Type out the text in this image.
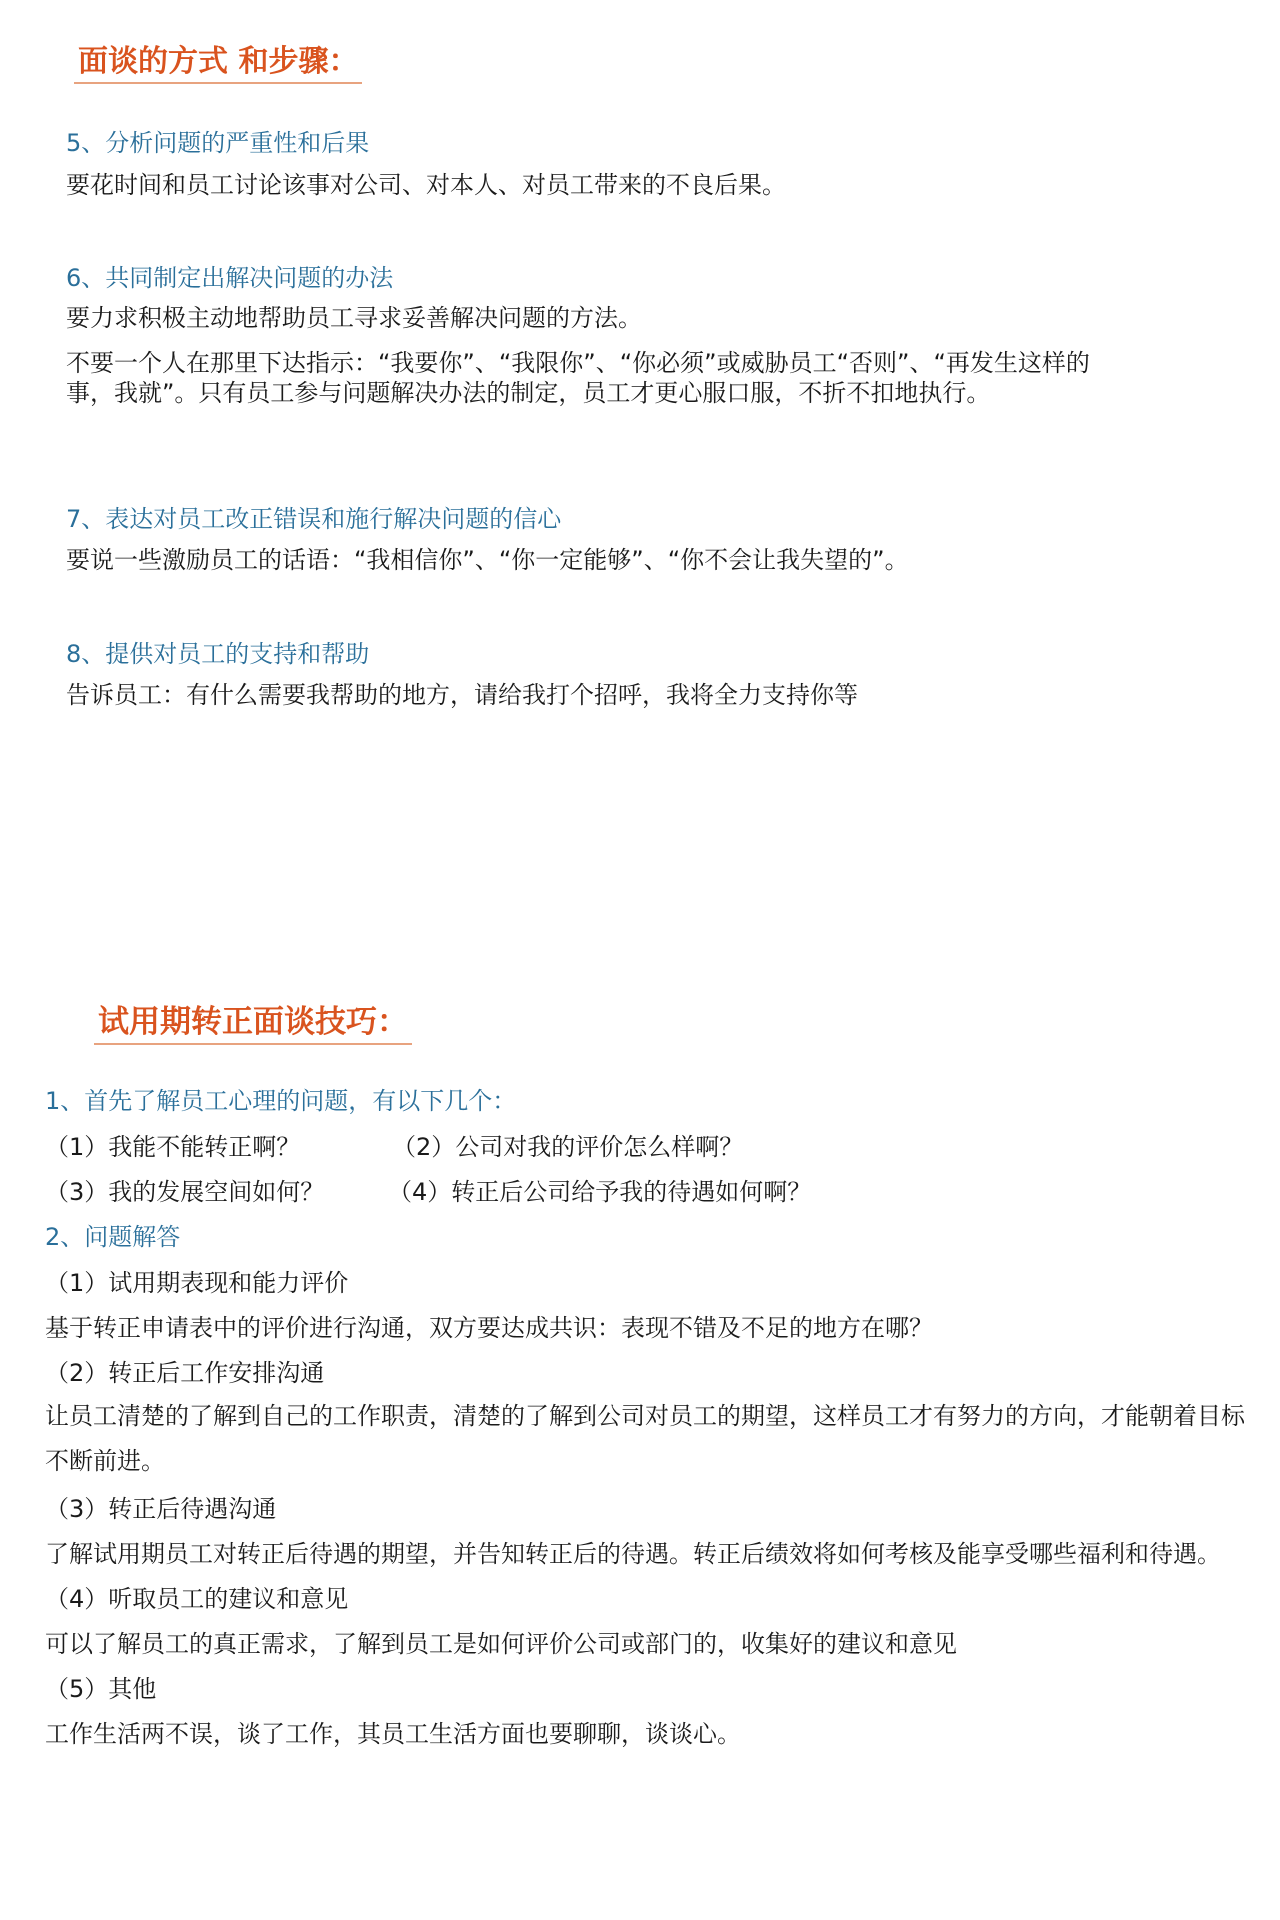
面谈的方式 和步骤：
5、分析问题的严重性和后果
要花时间和员工讨论该事对公司、对本人、对员工带来的不良后果。
6、共同制定出解决问题的办法
要力求积极主动地帮助员工寻求妥善解决问题的方法。
不要一个人在那里下达指示：“我要你”、“我限你”、“你必须”或威胁员工“否则”、“再发生这样的事，我就”。只有员工参与问题解决办法的制定，员工才更心服口服，不折不扣地执行。
7、表达对员工改正错误和施行解决问题的信心
要说一些激励员工的话语：“我相信你”、“你一定能够”、“你不会让我失望的”。
8、提供对员工的支持和帮助
告诉员工：有什么需要我帮助的地方，请给我打个招呼，我将全力支持你等
试用期转正面谈技巧：
1、首先了解员工心理的问题，有以下几个：
（1）我能不能转正啊？	（2）公司对我的评价怎么样啊？
（3）我的发展空间如何？	（4）转正后公司给予我的待遇如何啊？
2、问题解答
（1）试用期表现和能力评价
基于转正申请表中的评价进行沟通，双方要达成共识：表现不错及不足的地方在哪？
（2）转正后工作安排沟通
让员工清楚的了解到自己的工作职责，清楚的了解到公司对员工的期望，这样员工才有努力的方向，才能朝着目标不断前进。
（3）转正后待遇沟通
了解试用期员工对转正后待遇的期望，并告知转正后的待遇。转正后绩效将如何考核及能享受哪些福利和待遇。
（4）听取员工的建议和意见
可以了解员工的真正需求，了解到员工是如何评价公司或部门的，收集好的建议和意见
（5）其他
工作生活两不误，谈了工作，其员工生活方面也要聊聊，谈谈心。
